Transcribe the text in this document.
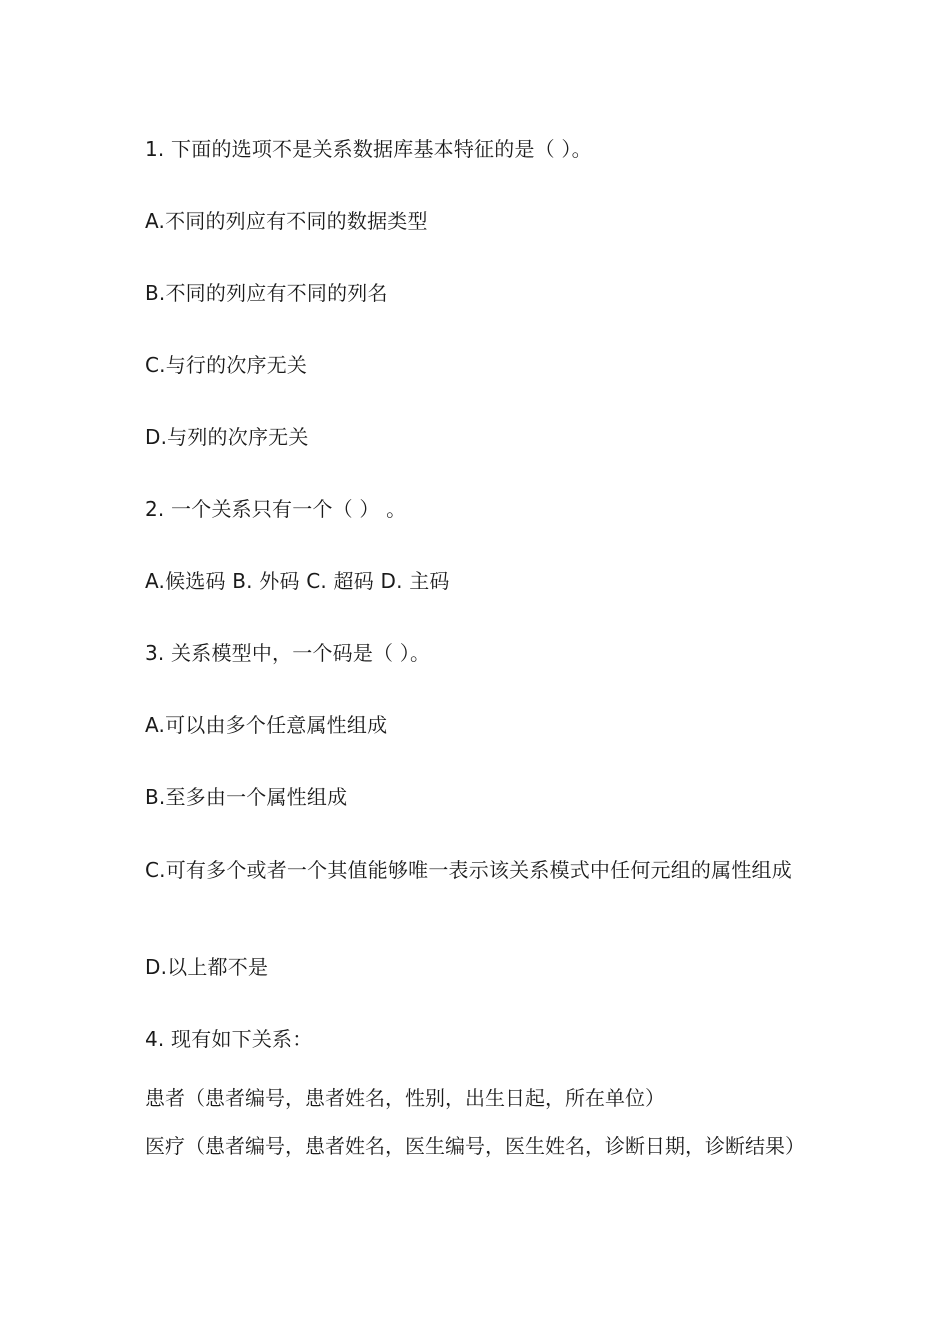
1. 下面的选项不是关系数据库基本特征的是（ ）。
A.不同的列应有不同的数据类型
B.不同的列应有不同的列名
C.与行的次序无关
D.与列的次序无关
2. 一个关系只有一个（ ） 。
A.候选码 B. 外码 C. 超码 D. 主码
3. 关系模型中，一个码是（ ）。
A.可以由多个任意属性组成
B.至多由一个属性组成
C.可有多个或者一个其值能够唯一表示该关系模式中任何元组的属性组成
D.以上都不是
4. 现有如下关系：
患者（患者编号，患者姓名，性别，出生日起，所在单位）
医疗（患者编号，患者姓名，医生编号，医生姓名，诊断日期，诊断结果）
